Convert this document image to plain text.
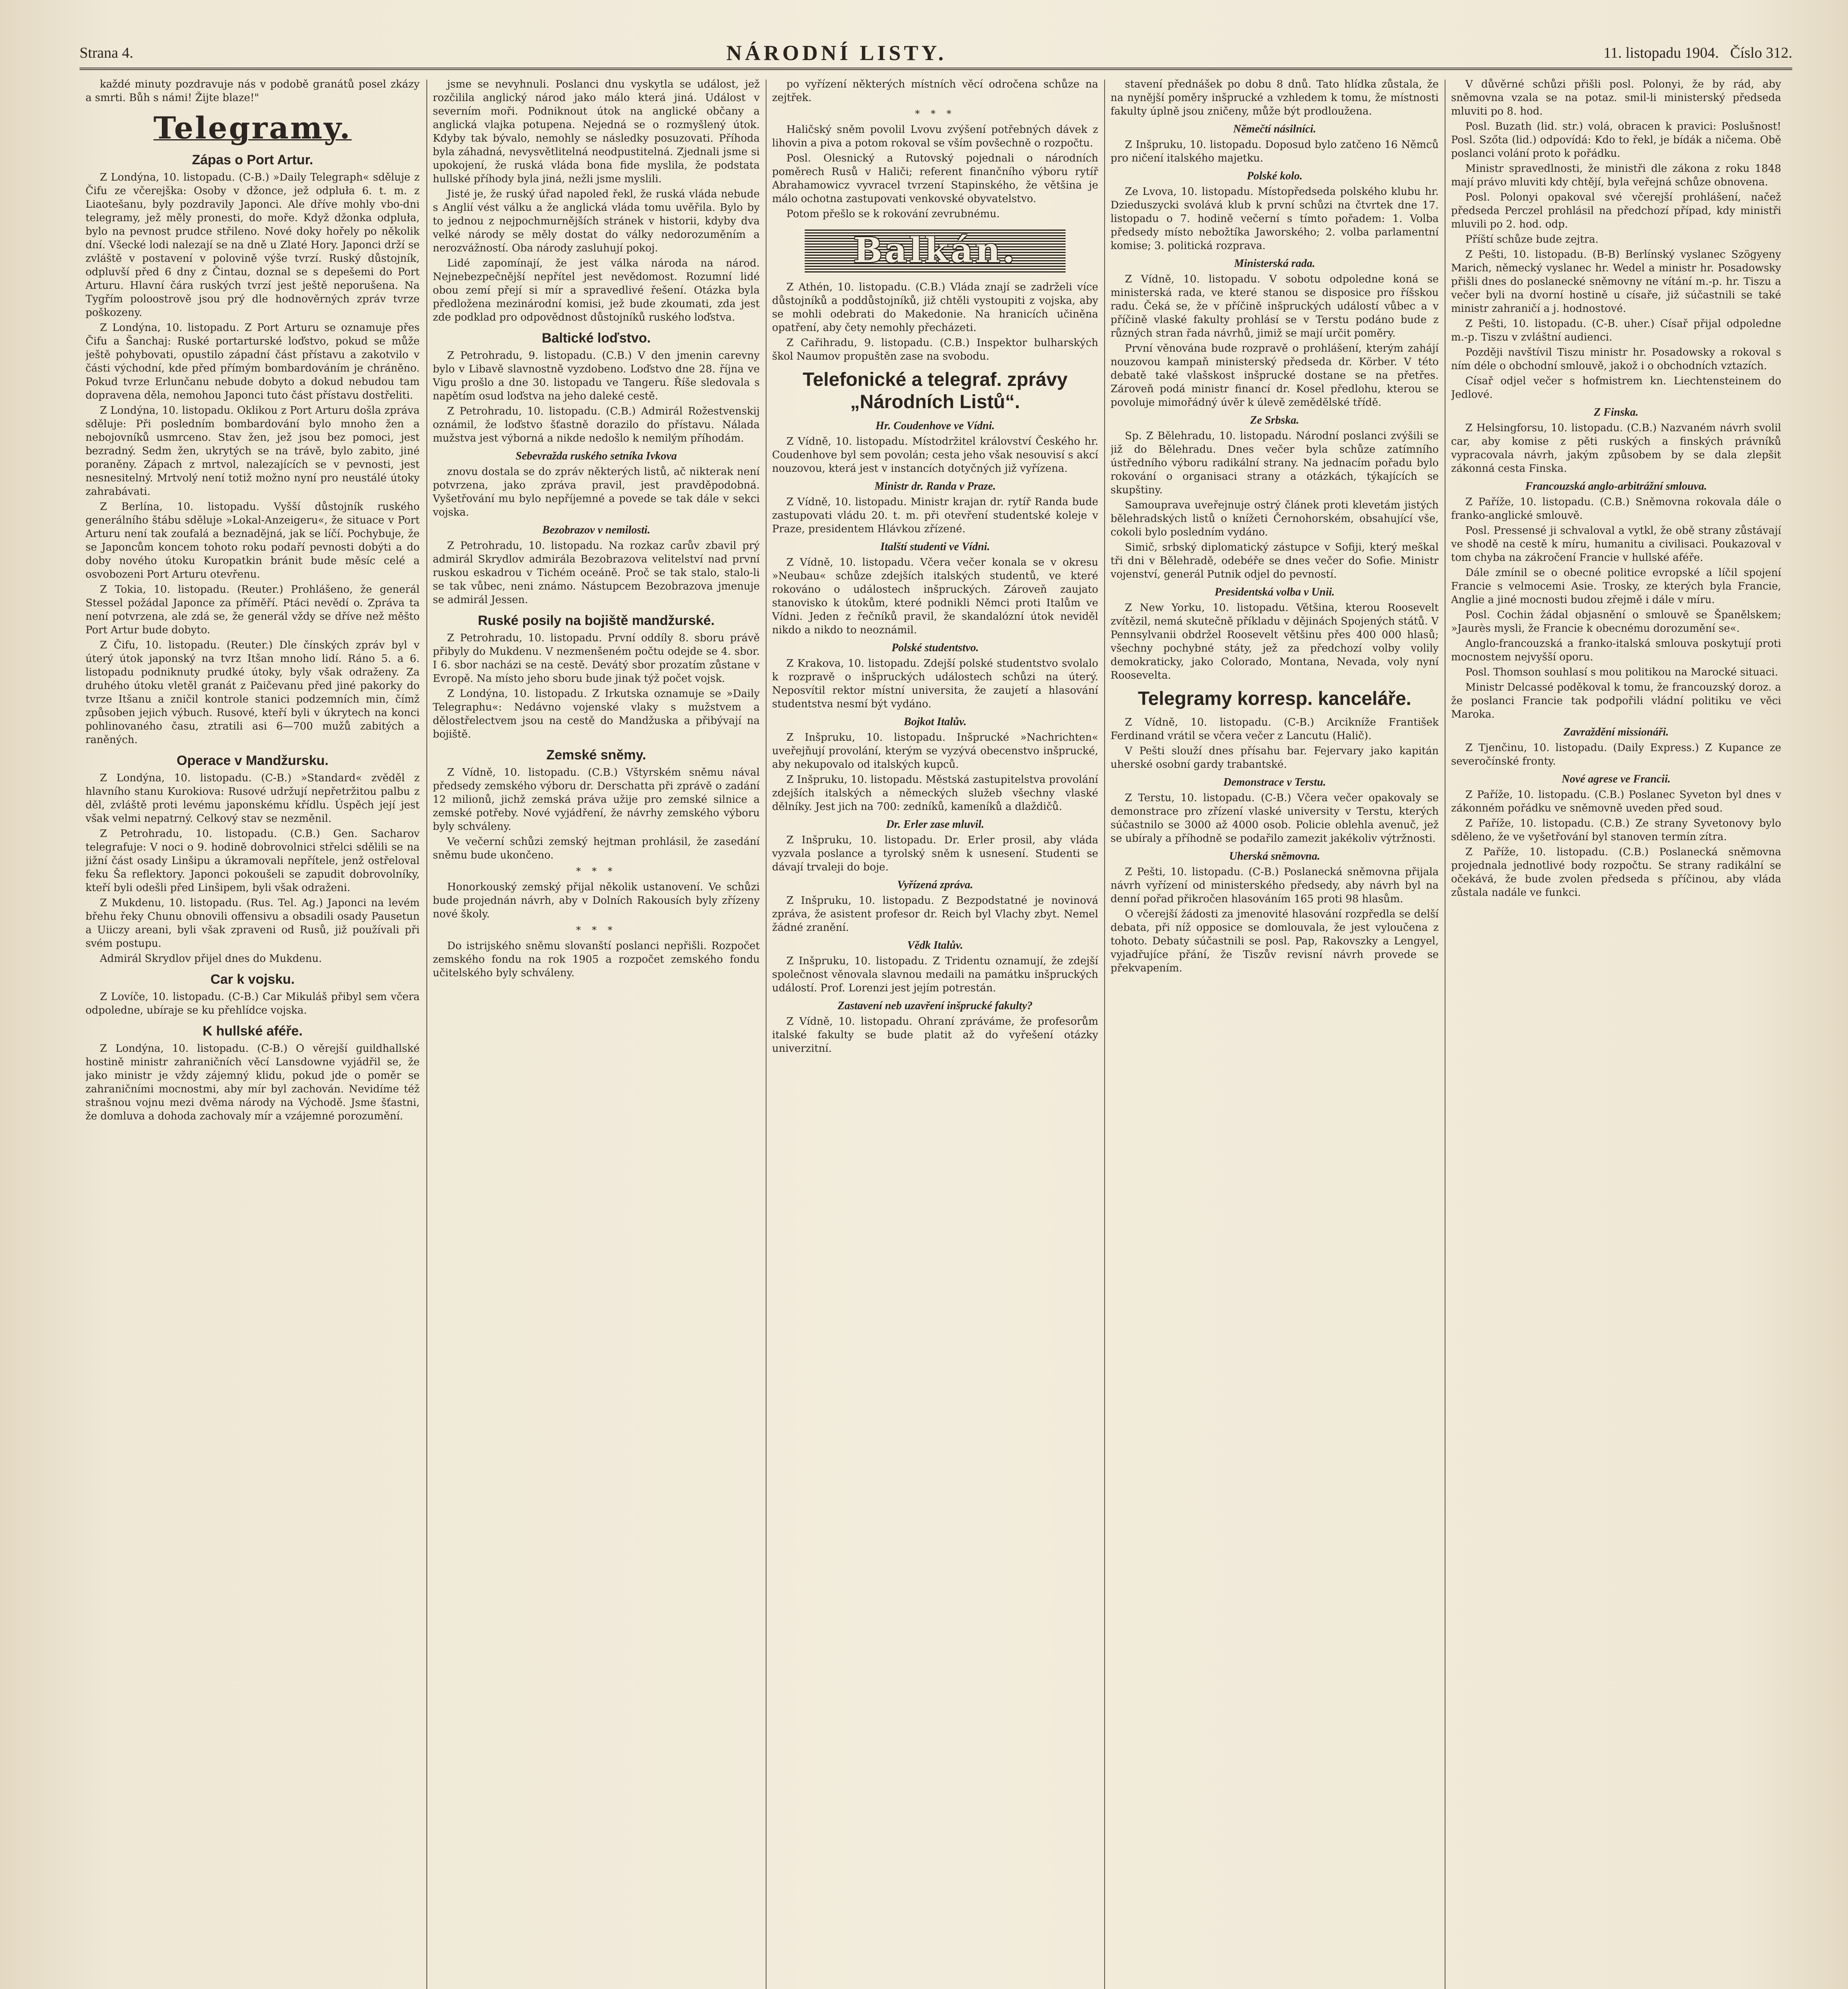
Strana 4.	NÁRODNÍ LISTY.	11. listopadu 1904.   Číslo 312.

každé minuty pozdravuje nás v podobě granátů posel zkázy a smrti. Bůh s námi! Žijte blaze!"

Telegramy.
Zápas o Port Artur.

Z Londýna, 10. listopadu. (C-B.) »Daily Telegraph« sděluje z Čifu ze včerejška: Osoby v džonce, jež odpluła 6. t. m. z Liaotešanu, byly pozdravily Japonci. Ale dříve mohly vbo-dni telegramy, jež měly pronesti, do moře. Když džonka odpluła, bylo na pevnost prudce střileno. Nové doky hořely po několik dní. Všecké lodi nalezají se na dně u Zlaté Hory. Japonci drží se zvláště v postavení v polovině výše tvrzí. Ruský důstojník, odpluvší před 6 dny z Čintau, doznal se s depešemi do Port Arturu. Hlavní čára ruských tvrzí jest ještě neporušena. Na Tygřím poloostrově jsou prý dle hodnověrných zpráv tvrze poškozeny.

Z Londýna, 10. listopadu. Z Port Arturu se oznamuje přes Čifu a Šanchaj: Ruské portarturské loďstvo, pokud se může ještě pohybovati, opustilo západní část přístavu a zakotvilo v části východní, kde před přímým bombardováním je chráněno. Pokud tvrze Erlunčanu nebude dobyto a dokud nebudou tam dopravena děla, nemohou Japonci tuto část přístavu dostřeliti.

Z Londýna, 10. listopadu. Oklikou z Port Arturu došla zpráva sděluje: Při posledním bombardování bylo mnoho žen a nebojovníků usmrceno. Stav žen, jež jsou bez pomoci, jest bezradný. Sedm žen, ukrytých se na trávě, bylo zabito, jiné poraněny. Zápach z mrtvol, nalezajících se v pevnosti, jest nesnesitelný. Mrtvolý není totiž možno nyní pro neustálé útoky zahrabávati.

Z Berlína, 10. listopadu. Vyšší důstojník ruského generálního štábu sděluje »Lokal-Anzeigeru«, že situace v Port Arturu není tak zoufalá a beznadějná, jak se líčí. Pochybuje, že se Japoncům koncem tohoto roku podaří pevnosti dobýti a do doby nového útoku Kuropatkin bránit bude měsíc celé a osvobozeni Port Arturu otevřenu.

Z Tokia, 10. listopadu. (Reuter.) Prohlášeno, že generál Stessel požádal Japonce za příměří. Ptáci nevědí o. Zpráva ta není potvrzena, ale zdá se, že generál vždy se dříve než měšto Port Artur bude dobyto.

Z Čifu, 10. listopadu. (Reuter.) Dle čínských zpráv byl v úterý útok japonský na tvrz Itšan mnoho lidí. Ráno 5. a 6. listopadu podniknuty prudké útoky, byly však odraženy. Za druhého útoku vletěl granát z Paičevanu před jiné pakorky do tvrze Itšanu a zničil kontrole stanici podzemních min, čímž způsoben jejich výbuch. Rusové, kteří byli v úkrytech na konci pohlinovaného času, ztratili asi 6—700 mužů zabitých a raněných.

Operace v Mandžursku.

Z Londýna, 10. listopadu. (C-B.) »Standard« zvěděl z hlavního stanu Kurokiova: Rusové udržují nepřetržitou palbu z děl, zvláště proti levému japonskému křídlu. Úspěch její jest však velmi nepatrný. Celkový stav se nezměnil.

Z Petrohradu, 10. listopadu. (C.B.) Gen. Sacharov telegrafuje: V noci o 9. hodině dobrovolnici střelci sdělili se na jižní část osady Linšipu a úkramovali nepřítele, jenž ostřeloval feku Ša reflektory. Japonci pokoušeli se zapudit dobrovolníky, kteří byli odešli před Linšipem, byli však odraženi.

Z Mukdenu, 10. listopadu. (Rus. Tel. Ag.) Japonci na levém břehu řeky Chunu obnovili offensivu a obsadili osady Pausetun a Uiiczy areani, byli však zpraveni od Rusů, již používali při svém postupu.

Admirál Skrydlov přijel dnes do Mukdenu.

Car k vojsku.

Z Lovíče, 10. listopadu. (C-B.) Car Mikuláš přibyl sem včera odpoledne, ubíraje se ku přehlídce vojska.

K hullské aféře.

Z Londýna, 10. listopadu. (C-B.) O věrejší guildhallské hostině ministr zahraničních věcí Lansdowne vyjádřil se, že jako ministr je vždy zájemný klidu, pokud jde o poměr se zahraničními mocnostmi, aby mír byl zachován. Nevidíme též strašnou vojnu mezi dvěma národy na Východě. Jsme šťastni, že domluva a dohoda zachovaly mír a vzájemné porozumění.

jsme se nevyhnuli. Poslanci dnu vyskytla se událost, jež rozčilila anglický národ jako málo která jiná. Událost v severním moři. Podniknout útok na anglické občany a anglická vlajka potupena. Nejedná se o rozmyšlený útok. Kdyby tak bývalo, nemohly se následky posuzovati. Příhoda byla záhadná, nevysvětlitelná neodpustitelná. Zjednali jsme si upokojení, že ruská vláda bona fide myslila, že podstata hullské příhody byla jiná, nežli jsme myslili.

Jisté je, že ruský úřad napoled řekl, že ruská vláda nebude s Anglií vést válku a že anglická vláda tomu uvěřila. Bylo by to jednou z nejpochmurnějších stránek v historii, kdyby dva velké národy se měly dostat do války nedorozuměním a nerozvážností. Oba národy zasluhují pokoj.

Lidé zapomínají, že jest válka národa na národ. Nejnebezpečnější nepřítel jest nevědomost. Rozumní lidé obou zemí přejí si mír a spravedlivé řešení. Otázka byla předložena mezinárodní komisi, jež bude zkoumati, zda jest zde podklad pro odpovědnost důstojníků ruského loďstva.

Baltické loďstvo.

Z Petrohradu, 9. listopadu. (C.B.) V den jmenin carevny bylo v Libavě slavnostně vyzdobeno. Loďstvo dne 28. října ve Vigu prošlo a dne 30. listopadu ve Tangeru. Říše sledovala s napětím osud loďstva na jeho daleké cestě.

Z Petrohradu, 10. listopadu. (C.B.) Admirál Rožestvenskij oznámil, že loďstvo šťastně dorazilo do přístavu. Nálada mužstva jest výborná a nikde nedošlo k nemilým příhodám.

Sebevražda ruského setníka Ivkova

znovu dostala se do zpráv některých listů, ač nikterak není potvrzena, jako zpráva pravil, jest pravděpodobná. Vyšetřování mu bylo nepříjemné a povede se tak dále v sekci vojska.

Bezobrazov v nemilosti.

Z Petrohradu, 10. listopadu. Na rozkaz carův zbavil prý admirál Skrydlov admirála Bezobrazova velitelství nad první ruskou eskadrou v Tichém oceáně. Proč se tak stalo, stalo-li se tak vůbec, neni známo. Nástupcem Bezobrazova jmenuje se admirál Jessen.

Ruské posily na bojiště mandžurské.

Z Petrohradu, 10. listopadu. První oddíly 8. sboru právě přibyly do Mukdenu. V nezmenšeném počtu odejde se 4. sbor. I 6. sbor nacházi se na cestě. Devátý sbor prozatím zůstane v Evropě. Na místo jeho sboru bude jinak týž počet vojsk.

Z Londýna, 10. listopadu. Z Irkutska oznamuje se »Daily Telegraphu«: Nedávno vojenské vlaky s mužstvem a dělostřelectvem jsou na cestě do Mandžuska a přibývají na bojiště.

Zemské sněmy.

Z Vídně, 10. listopadu. (C.B.) Vštyrském sněmu nával předsedy zemského výboru dr. Derschatta při zprávě o zadání 12 milionů, jichž zemská práva užije pro zemské silnice a zemské potřeby. Nové vyjádření, že návrhy zemského výboru byly schváleny.

Ve večerní schůzi zemský hejtman prohlásil, že zasedání sněmu bude ukončeno.

* * *

Honorkouský zemský přijal několik ustanovení. Ve schůzi bude projednán návrh, aby v Dolních Rakousích byly zřízeny nové školy.

* * *

Do istrijského sněmu slovanští poslanci nepřišli. Rozpočet zemského fondu na rok 1905 a rozpočet zemského fondu učitelského byly schváleny.

po vyřízení některých místních věcí odročena schůze na zejtřek.

* * *

Haličský sněm povolil Lvovu zvýšení potřebných dávek z lihovin a piva a potom rokoval se vším povšechně o rozpočtu.

Posl. Olesnický a Rutovský pojednali o národních poměrech Rusů v Haliči; referent finančního výboru rytíř Abrahamowicz vyvracel tvrzení Stapinského, že většina je málo ochotna zastupovati venkovské obyvatelstvo.

Potom přešlo se k rokování zevrubnému.

Balkán.

Z Athén, 10. listopadu. (C.B.) Vláda znají se zadrželi více důstojníků a poddůstojníků, již chtěli vystoupiti z vojska, aby se mohli odebrati do Makedonie. Na hranicích učiněna opatření, aby čety nemohly přecházeti.

Z Cařihradu, 9. listopadu. (C.B.) Inspektor bulharských škol Naumov propuštěn zase na svobodu.

Telefonické a telegraf. zprávy „Národních Listů“.
Hr. Coudenhove ve Vídni.

Z Vídně, 10. listopadu. Místodržitel království Českého hr. Coudenhove byl sem povolán; cesta jeho však nesouvisí s akcí nouzovou, která jest v instancích dotyčných již vyřízena.

Ministr dr. Randa v Praze.

Z Vídně, 10. listopadu. Ministr krajan dr. rytíř Randa bude zastupovati vládu 20. t. m. při otevření studentské koleje v Praze, presidentem Hlávkou zřízené.

Italští studenti ve Vídni.

Z Vídně, 10. listopadu. Včera večer konala se v okresu »Neubau« schůze zdejších italských studentů, ve které rokováno o událostech inšpruckých. Zároveň zaujato stanovisko k útokům, které podnikli Němci proti Italům ve Vídni. Jeden z řečníků pravil, že skandalózní útok neviděl nikdo a nikdo to neoznámil.

Polské studentstvo.

Z Krakova, 10. listopadu. Zdejší polské studentstvo svolalo k rozpravě o inšpruckých událostech schůzi na úterý. Neposvítil rektor místní universita, že zaujetí a hlasování studentstva nesmí být vydáno.

Bojkot Italův.

Z Inšpruku, 10. listopadu. Inšprucké »Nachrichten« uveřejňují provolání, kterým se vyzývá obecenstvo inšprucké, aby nekupovalo od italských kupců.

Z Inšpruku, 10. listopadu. Městská zastupitelstva provolání zdejších italských a německých služeb všechny vlaské dělníky. Jest jich na 700: zedníků, kameníků a dlaždičů.

Dr. Erler zase mluvil.

Z Inšpruku, 10. listopadu. Dr. Erler prosil, aby vláda vyzvala poslance a tyrolský sněm k usnesení. Studenti se dávají trvaleji do boje.

Vyřízená zpráva.

Z Inšpruku, 10. listopadu. Z Bezpodstatné je novinová zpráva, že asistent profesor dr. Reich byl Vlachy zbyt. Nemel žádné zranění.

Vědk Italův.

Z Inšpruku, 10. listopadu. Z Tridentu oznamují, že zdejší společnost věnovala slavnou medaili na památku inšpruckých událostí. Prof. Lorenzi jest jejím potrestán.

Zastavení neb uzavření inšprucké fakulty?

Z Vídně, 10. listopadu. Ohraní zpráváme, že profesorům italské fakulty se bude platit až do vyřešení otázky univerzitní.

stavení přednášek po dobu 8 dnů. Tato hlídka zůstala, že na nynější poměry inšprucké a vzhledem k tomu, že místnosti fakulty úplně jsou zničeny, může být prodloužena.

Němečtí násilníci.

Z Inšpruku, 10. listopadu. Doposud bylo zatčeno 16 Němců pro ničení italského majetku.

Polské kolo.

Ze Lvova, 10. listopadu. Místopředseda polského klubu hr. Dzieduszycki svolává klub k první schůzi na čtvrtek dne 17. listopadu o 7. hodině večerní s tímto pořadem: 1. Volba předsedy místo nebožtíka Jaworského; 2. volba parlamentní komise; 3. politická rozprava.

Ministerská rada.

Z Vídně, 10. listopadu. V sobotu odpoledne koná se ministerská rada, ve které stanou se disposice pro říšskou radu. Čeká se, že v příčině inšpruckých událostí vůbec a v příčině vlaské fakulty prohlásí se v Terstu podáno bude z různých stran řada návrhů, jimiž se mají určit poměry.

První věnována bude rozpravě o prohlášení, kterým zahájí nouzovou kampaň ministerský předseda dr. Körber. V této debatě také vlašskost inšprucké dostane se na přetřes. Zároveň podá ministr financí dr. Kosel předlohu, kterou se povoluje mimořádný úvěr k úlevě zemědělské třídě.

Ze Srbska.

Sp. Z Bělehradu, 10. listopadu. Národní poslanci zvýšili se již do Bělehradu. Dnes večer byla schůze zatímního ústředního výboru radikální strany. Na jednacím pořadu bylo rokování o organisaci strany a otázkách, týkajících se skupštiny.

Samouprava uveřejnuje ostrý článek proti klevetám jistých bělehradských listů o knížeti Černohorském, obsahující vše, cokoli bylo posledním vydáno.

Simič, srbský diplomatický zástupce v Sofiji, který meškal tři dni v Bělehradě, odebéře se dnes večer do Sofie. Ministr vojenství, generál Putnik odjel do pevností.

Presidentská volba v Unii.

Z New Yorku, 10. listopadu. Většina, kterou Roosevelt zvítězil, nemá skutečně příkladu v dějinách Spojených států. V Pennsylvanii obdržel Roosevelt většinu přes 400 000 hlasů; všechny pochybné státy, jež za předchozí volby volily demokraticky, jako Colorado, Montana, Nevada, voly nyní Roosevelta.

Telegramy korresp. kanceláře.

Z Vídně, 10. listopadu. (C-B.) Arcikníže František Ferdinand vrátil se včera večer z Lancutu (Halič).

V Pešti slouží dnes přísahu bar. Fejervary jako kapitán uherské osobní gardy trabantské.

Demonstrace v Terstu.

Z Terstu, 10. listopadu. (C-B.) Včera večer opakovaly se demonstrace pro zřízení vlaské university v Terstu, kterých súčastnilo se 3000 až 4000 osob. Policie oblehla avenuč, jež se ubíraly a příhodně se podařilo zamezit jakékoliv výtržnosti.

Uherská sněmovna.

Z Pešti, 10. listopadu. (C-B.) Poslanecká sněmovna přijala návrh vyřízení od ministerského předsedy, aby návrh byl na denní pořad přikročen hlasováním 165 proti 98 hlasům.

O včerejší žádosti za jmenovité hlasování rozpředla se delší debata, při níž opposice se domlouvala, že jest vyloučena z tohoto. Debaty súčastnili se posl. Pap, Rakovszky a Lengyel, vyjadřujíce přání, že Tiszův revisní návrh provede se překvapením.

V důvěrné schůzi přišli posl. Polonyi, že by rád, aby sněmovna vzala se na potaz. smil-li ministerský předseda mluviti po 8. hod.

Posl. Buzath (lid. str.) volá, obracen k pravici: Poslušnost! Posl. Szőta (lid.) odpovídá: Kdo to řekl, je bídák a ničema. Obě poslanci volání proto k pořádku.

Ministr spravedlnosti, že ministři dle zákona z roku 1848 mají právo mluviti kdy chtějí, byla veřejná schůze obnovena.

Posl. Polonyi opakoval své včerejší prohlášení, načež předseda Perczel prohlásil na předchozí případ, kdy ministři mluvili po 2. hod. odp.

Příští schůze bude zejtra.

Z Pešti, 10. listopadu. (B-B) Berlínský vyslanec Szögyeny Marich, německý vyslanec hr. Wedel a ministr hr. Posadowsky přišli dnes do poslanecké sněmovny ne vítání m.-p. hr. Tiszu a večer byli na dvorní hostině u císaře, již súčastnili se také ministr zahraničí a j. hodnostové.

Z Pešti, 10. listopadu. (C-B. uher.) Císař přijal odpoledne m.-p. Tiszu v zvláštní audienci.

Později navštívil Tiszu ministr hr. Posadowsky a rokoval s ním déle o obchodní smlouvě, jakož i o obchodních vztazích.

Císař odjel večer s hofmistrem kn. Liechtensteinem do Jedlové.

Z Finska.

Z Helsingforsu, 10. listopadu. (C.B.) Nazvaném návrh svolil car, aby komise z pěti ruských a finských právníků vypracovala návrh, jakým způsobem by se dala zlepšit zákonná cesta Finska.

Francouzská anglo-arbitrážní smlouva.

Z Paříže, 10. listopadu. (C.B.) Sněmovna rokovala dále o franko-anglické smlouvě.

Posl. Pressensé ji schvaloval a vytkl, že obě strany zůstávají ve shodě na cestě k míru, humanitu a civilisaci. Poukazoval v tom chyba na zákročení Francie v hullské aféře.

Dále zmínil se o obecné politice evropské a líčil spojení Francie s velmocemi Asie. Trosky, ze kterých byla Francie, Anglie a jiné mocnosti budou zřejmě i dále v míru.

Posl. Cochin žádal objasnění o smlouvě se Španělskem; »Jaurès mysli, že Francie k obecnému dorozumění se«.

Anglo-francouzská a franko-italská smlouva poskytují proti mocnostem nejvyšší oporu.

Posl. Thomson souhlasí s mou politikou na Marocké situaci.

Ministr Delcassé poděkoval k tomu, že francouzský doroz. a že poslanci Francie tak podpořili vládní politiku ve věci Maroka.

Zavraždění missionáři.

Z Tjenčinu, 10. listopadu. (Daily Express.) Z Kupance ze severočínské fronty.

Nové agrese ve Francii.

Z Paříže, 10. listopadu. (C.B.) Poslanec Syveton byl dnes v zákonném pořádku ve sněmovně uveden před soud.

Z Paříže, 10. listopadu. (C.B.) Ze strany Syvetonovy bylo sděleno, že ve vyšetřování byl stanoven termín zítra.

Z Paříže, 10. listopadu. (C.B.) Poslanecká sněmovna projednala jednotlivé body rozpočtu. Se strany radikální se očekává, že bude zvolen předseda s příčinou, aby vláda zůstala nadále ve funkci.
